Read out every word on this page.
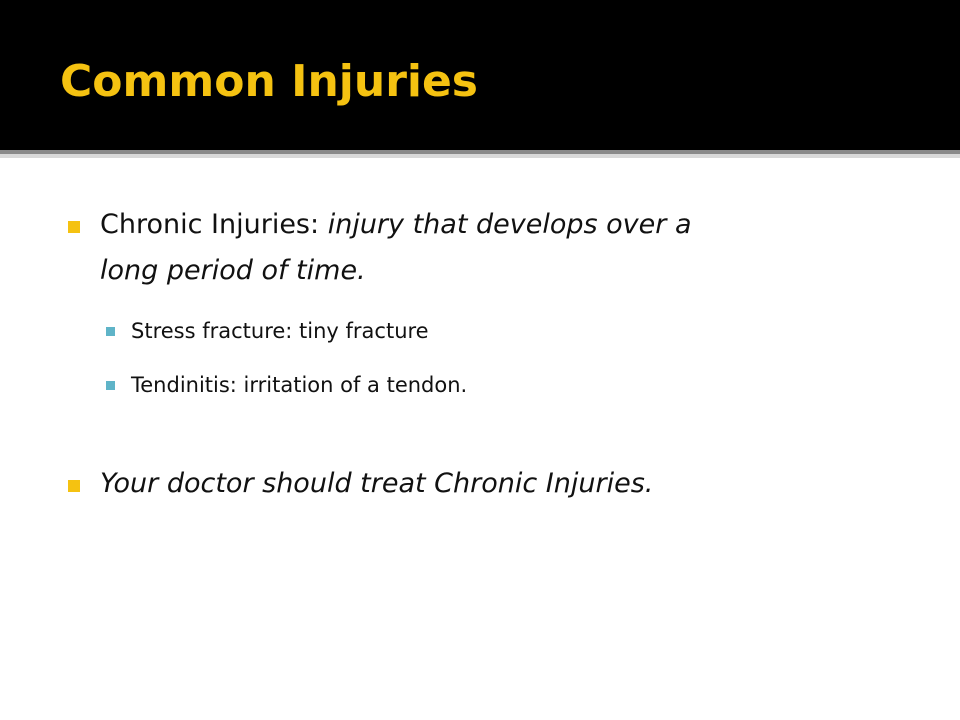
Common Injuries
Chronic Injuries: injury that develops over a
long period of time.
Stress fracture: tiny fracture
Tendinitis: irritation of a tendon.
Your doctor should treat Chronic Injuries.
